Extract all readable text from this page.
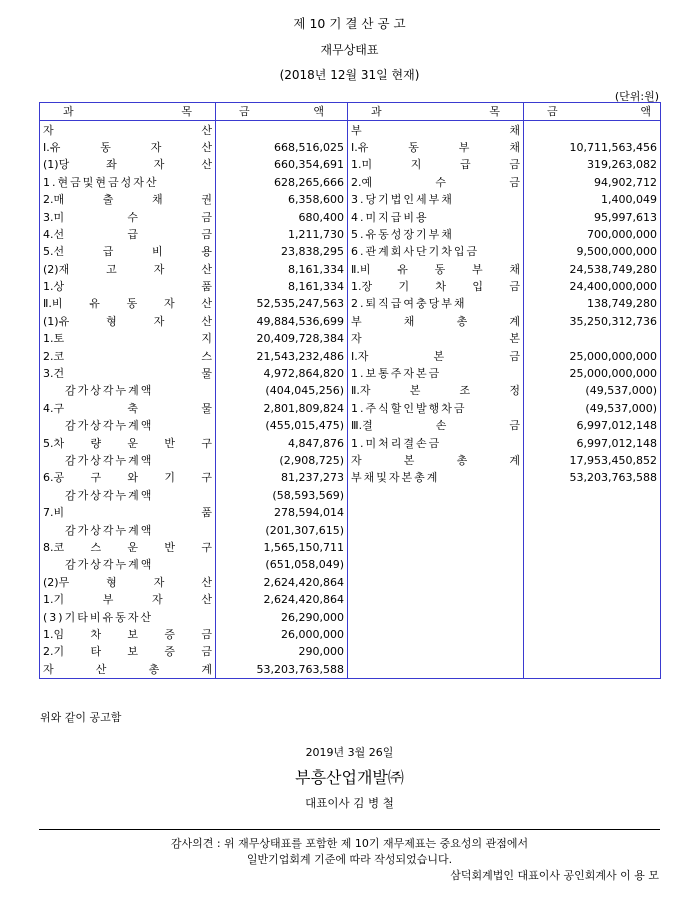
제 10 기 결 산 공 고
재무상태표
(2018년 12월 31일 현재)
(단위:원)
과 목	금 액	과 목	금 액

자 산		부 채	

Ⅰ.유 동 자 산	668,516,025	Ⅰ.유 동 부 채	10,711,563,456

(1)당 좌 자 산	660,354,691	1.미 지 급 금	319,263,082

1.현금및현금성자산	628,265,666	2.예 수 금	94,902,712

2.매 출 채 권	6,358,600	3.당기법인세부채	1,400,049

3.미 수 금	680,400	4.미지급비용	95,997,613

4.선 급 금	1,211,730	5.유동성장기부채	700,000,000

5.선 급 비 용	23,838,295	6.관계회사단기차입금	9,500,000,000

(2)재 고 자 산	8,161,334	Ⅱ.비 유 동 부 채	24,538,749,280

1.상 품	8,161,334	1.장 기 차 입 금	24,400,000,000

Ⅱ.비 유 동 자 산	52,535,247,563	2.퇴직급여충당부채	138,749,280

(1)유 형 자 산	49,884,536,699	부 채 총 계	35,250,312,736

1.토 지	20,409,728,384	자 본	

2.코 스	21,543,232,486	Ⅰ.자 본 금	25,000,000,000

3.건 물	4,972,864,820	1.보통주자본금	25,000,000,000

감가상각누계액	(404,045,256)	Ⅱ.자 본 조 정	(49,537,000)

4.구 축 물	2,801,809,824	1.주식할인발행차금	(49,537,000)

감가상각누계액	(455,015,475)	Ⅲ.결 손 금	6,997,012,148

5.차 량 운 반 구	4,847,876	1.미처리결손금	6,997,012,148

감가상각누계액	(2,908,725)	자 본 총 계	17,953,450,852

6.공 구 와 기 구	81,237,273	부채및자본총계	53,203,763,588

감가상각누계액	(58,593,569)	

7.비 품	278,594,014	

감가상각누계액	(201,307,615)	

8.코 스 운 반 구	1,565,150,711	

감가상각누계액	(651,058,049)	

(2)무 형 자 산	2,624,420,864	

1.기 부 자 산	2,624,420,864	

(3)기타비유동자산	26,290,000	

1.임 차 보 증 금	26,000,000	

2.기 타 보 증 금	290,000	

자 산 총 계	53,203,763,588	

위와 같이 공고함
2019년 3월 26일
부흥산업개발㈜
대표이사 김 병 철
감사의견 : 위 재무상태표를 포함한 제 10기 재무제표는 중요성의 관점에서
일반기업회계 기준에 따라 작성되었습니다.
삼덕회계법인 대표이사 공인회계사 이 용 모
